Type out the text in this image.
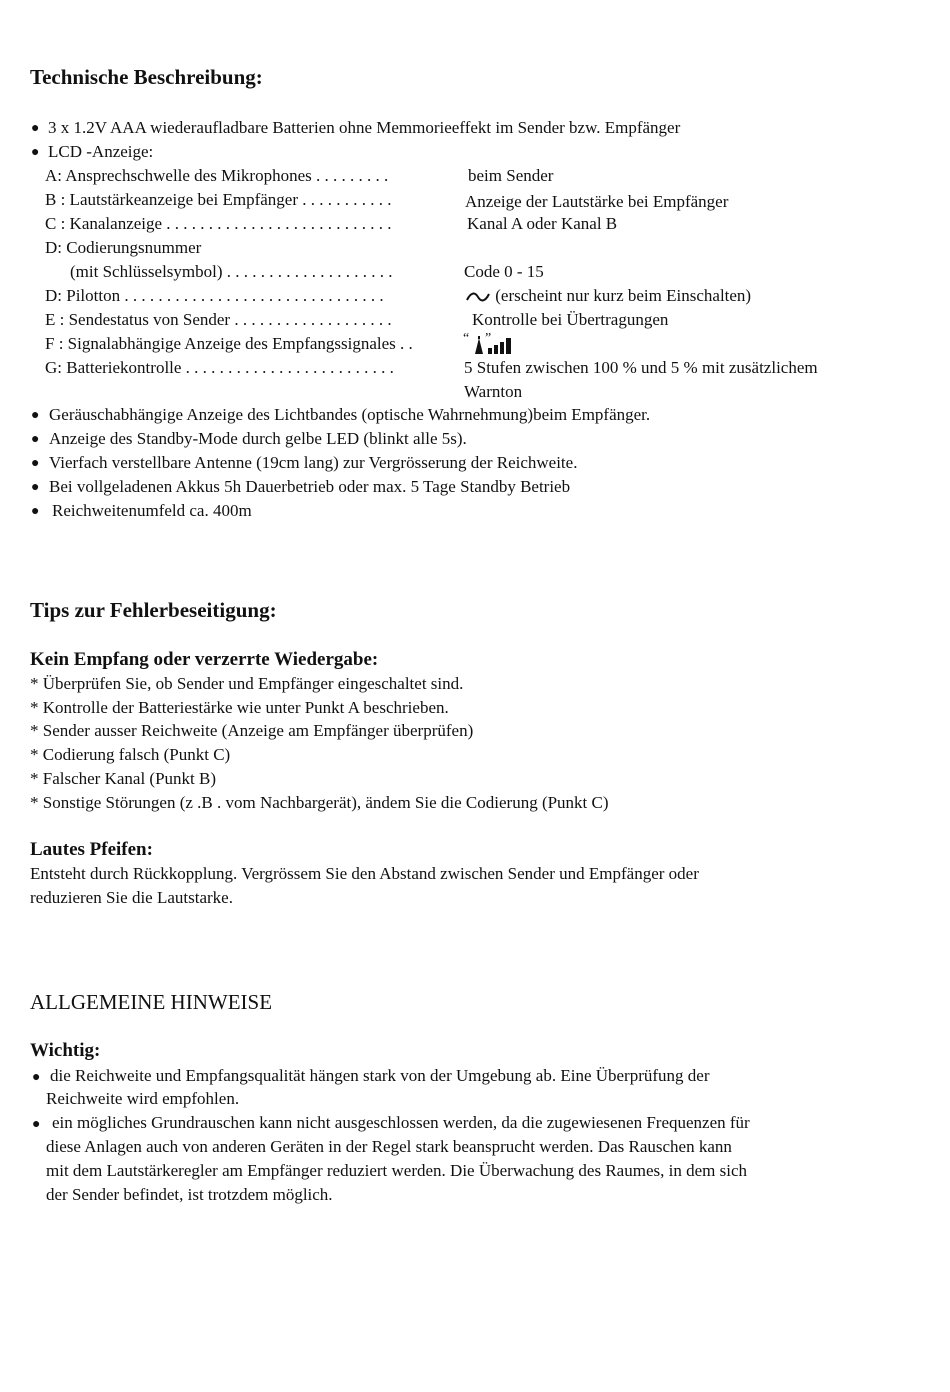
Technische Beschreibung:
● 3 x 1.2V AAA wiederaufladbare Batterien ohne Memmorieeffekt im Sender bzw. Empfänger
● LCD -Anzeige:
A: Ansprechschwelle des Mikrophones . . . . . . . . .	beim Sender
B : Lautstärkeanzeige bei Empfänger . . . . . . . . . . .	Anzeige der Lautstärke bei Empfänger
C : Kanalanzeige . . . . . . . . . . . . . . . . . . . . . . . . . . .	Kanal A oder Kanal B
D: Codierungsnummer
(mit Schlüsselsymbol) . . . . . . . . . . . . . . . . . . . .	Code 0 - 15
D: Pilotton . . . . . . . . . . . . . . . . . . . . . . . . . . . . . . .	(erscheint nur kurz beim Einschalten)
E : Sendestatus von Sender . . . . . . . . . . . . . . . . . . .	Kontrolle bei Übertragungen
F : Signalabhängige Anzeige des Empfangssignales . .	“ ”
G: Batteriekontrolle . . . . . . . . . . . . . . . . . . . . . . . . .	5 Stufen zwischen 100 % und 5 % mit zusätzlichem
Warnton
● Geräuschabhängige Anzeige des Lichtbandes (optische Wahrnehmung)beim Empfänger.
● Anzeige des Standby-Mode durch gelbe LED (blinkt alle 5s).
● Vierfach verstellbare Antenne (19cm lang) zur Vergrösserung der Reichweite.
● Bei vollgeladenen Akkus 5h Dauerbetrieb oder max. 5 Tage Standby Betrieb
● Reichweitenumfeld ca. 400m
Tips zur Fehlerbeseitigung:
Kein Empfang oder verzerrte Wiedergabe:
* Überprüfen Sie, ob Sender und Empfänger eingeschaltet sind.
* Kontrolle der Batteriestärke wie unter Punkt A beschrieben.
* Sender ausser Reichweite (Anzeige am Empfänger überprüfen)
* Codierung falsch (Punkt C)
* Falscher Kanal (Punkt B)
* Sonstige Störungen (z .B . vom Nachbargerät), ändem Sie die Codierung (Punkt C)
Lautes Pfeifen:
Entsteht durch Rückkopplung. Vergrössem Sie den Abstand zwischen Sender und Empfänger oder
reduzieren Sie die Lautstarke.
ALLGEMEINE HINWEISE
Wichtig:
● die Reichweite und Empfangsqualität hängen stark von der Umgebung ab. Eine Überprüfung der
Reichweite wird empfohlen.
● ein mögliches Grundrauschen kann nicht ausgeschlossen werden, da die zugewiesenen Frequenzen für
diese Anlagen auch von anderen Geräten in der Regel stark beansprucht werden. Das Rauschen kann
mit dem Lautstärkeregler am Empfänger reduziert werden. Die Überwachung des Raumes, in dem sich
der Sender befindet, ist trotzdem möglich.
